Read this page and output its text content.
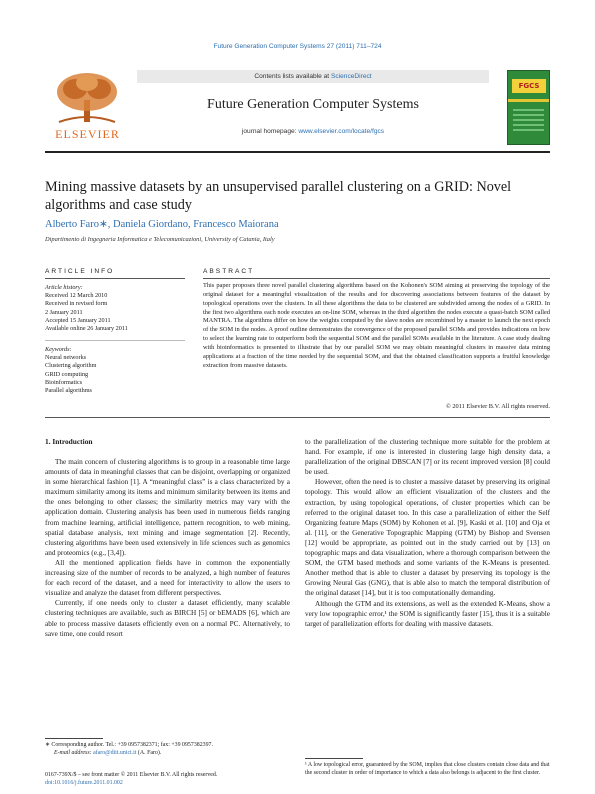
Future Generation Computer Systems 27 (2011) 711–724
ELSEVIER
Contents lists available at ScienceDirect
Future Generation Computer Systems
journal homepage: www.elsevier.com/locate/fgcs
FGCS
Mining massive datasets by an unsupervised parallel clustering on a GRID: Novel algorithms and case study
Alberto Faro∗, Daniela Giordano, Francesco Maiorana
Dipartimento di Ingegneria Informatica e Telecomunicazioni, University of Catania, Italy
ARTICLE INFO
Article history:
Received 12 March 2010
Received in revised form
2 January 2011
Accepted 15 January 2011
Available online 26 January 2011
Keywords:
Neural networks
Clustering algorithm
GRID computing
Bioinformatics
Parallel algorithms
ABSTRACT
This paper proposes three novel parallel clustering algorithms based on the Kohonen's SOM aiming at preserving the topology of the original dataset for a meaningful visualization of the results and for discovering associations between features of the dataset by topological operations over the clusters. In all these algorithms the data to be clustered are subdivided among the nodes of a GRID. In the first two algorithms each node executes an on-line SOM, whereas in the third algorithm the nodes execute a quasi-batch SOM called MANTRA. The algorithms differ on how the weights computed by the slave nodes are recombined by a master to launch the next epoch of the SOM in the nodes. A proof outline demonstrates the convergence of the proposed parallel SOMs and provides indications on how to select the learning rate to outperform both the sequential SOM and the parallel SOMs available in the literature. A case study dealing with bioinformatics is presented to illustrate that by our parallel SOM we may obtain meaningful clusters in massive data mining applications at a fraction of the time needed by the sequential SOM, and that the obtained classification supports a fruitful knowledge extraction from massive datasets.
© 2011 Elsevier B.V. All rights reserved.
1. Introduction

The main concern of clustering algorithms is to group in a reasonable time large amounts of data in meaningful classes that can be disjoint, overlapping or organized in some hierarchical fashion [1]. A “meaningful class” is a class characterized by a maximum similarity among its items and minimum similarity between its items and the ones belonging to other classes; the similarity metrics may vary with the application domain. Clustering analysis has been used in numerous fields ranging from machine learning, artificial intelligence, pattern recognition, to web mining, spatial database analysis, text mining and image segmentation [2]. Recently, clustering algorithms have been used extensively in life sciences such as genomics and proteomics (e.g., [3,4]).

All the mentioned application fields have in common the exponentially increasing size of the number of records to be analyzed, a high number of features for each record of the dataset, and a need for interactivity to allow the users to visualize and analyze the dataset from different perspectives.

Currently, if one needs only to cluster a dataset efficiently, many scalable clustering techniques are available, such as BIRCH [5] or bEMADS [6], which are able to process massive datasets efficiently even on a normal PC. Alternatively, to save time, one could resort

to the parallelization of the clustering technique more suitable for the problem at hand. For example, if one is interested in clustering large high density data, a parallelization of the original DBSCAN [7] or its recent improved version [8] could be used.

However, often the need is to cluster a massive dataset by preserving its original topology. This would allow an efficient visualization of the clusters and the extraction, by using topological operations, of cluster properties which can be referred to the original dataset too. In this case a parallelization of either the Self Organizing feature Maps (SOM) by Kohonen et al. [9], Kaski et al. [10] and Oja et al. [11], or the Generative Topographic Mapping (GTM) by Bishop and Svensen [12] would be appropriate, as pointed out in the study carried out by [13] on topographic maps and data visualization, where a thorough comparison between the SOM, the GTM based methods and some variants of the K-Means is presented. Another method that is able to cluster a dataset by preserving its topology is the Growing Neural Gas (GNG), that is able also to match the temporal distribution of the original dataset [14], but it is too computationally demanding.

Although the GTM and its extensions, as well as the extended K-Means, show a very low topographic error,¹ the SOM is significantly faster [15], thus it is a suitable target of parallelization efforts for dealing with massive datasets.

∗ Corresponding author. Tel.: +39 0957382371; fax: +39 0957382397.
E-mail address: afaro@diit.unict.it (A. Faro).
¹ A low topological error, guaranteed by the SOM, implies that close clusters contain close data and that the second cluster in order of importance to which a data also belongs is adjacent to the first cluster.
0167-739X/$ – see front matter © 2011 Elsevier B.V. All rights reserved.
doi:10.1016/j.future.2011.01.002
